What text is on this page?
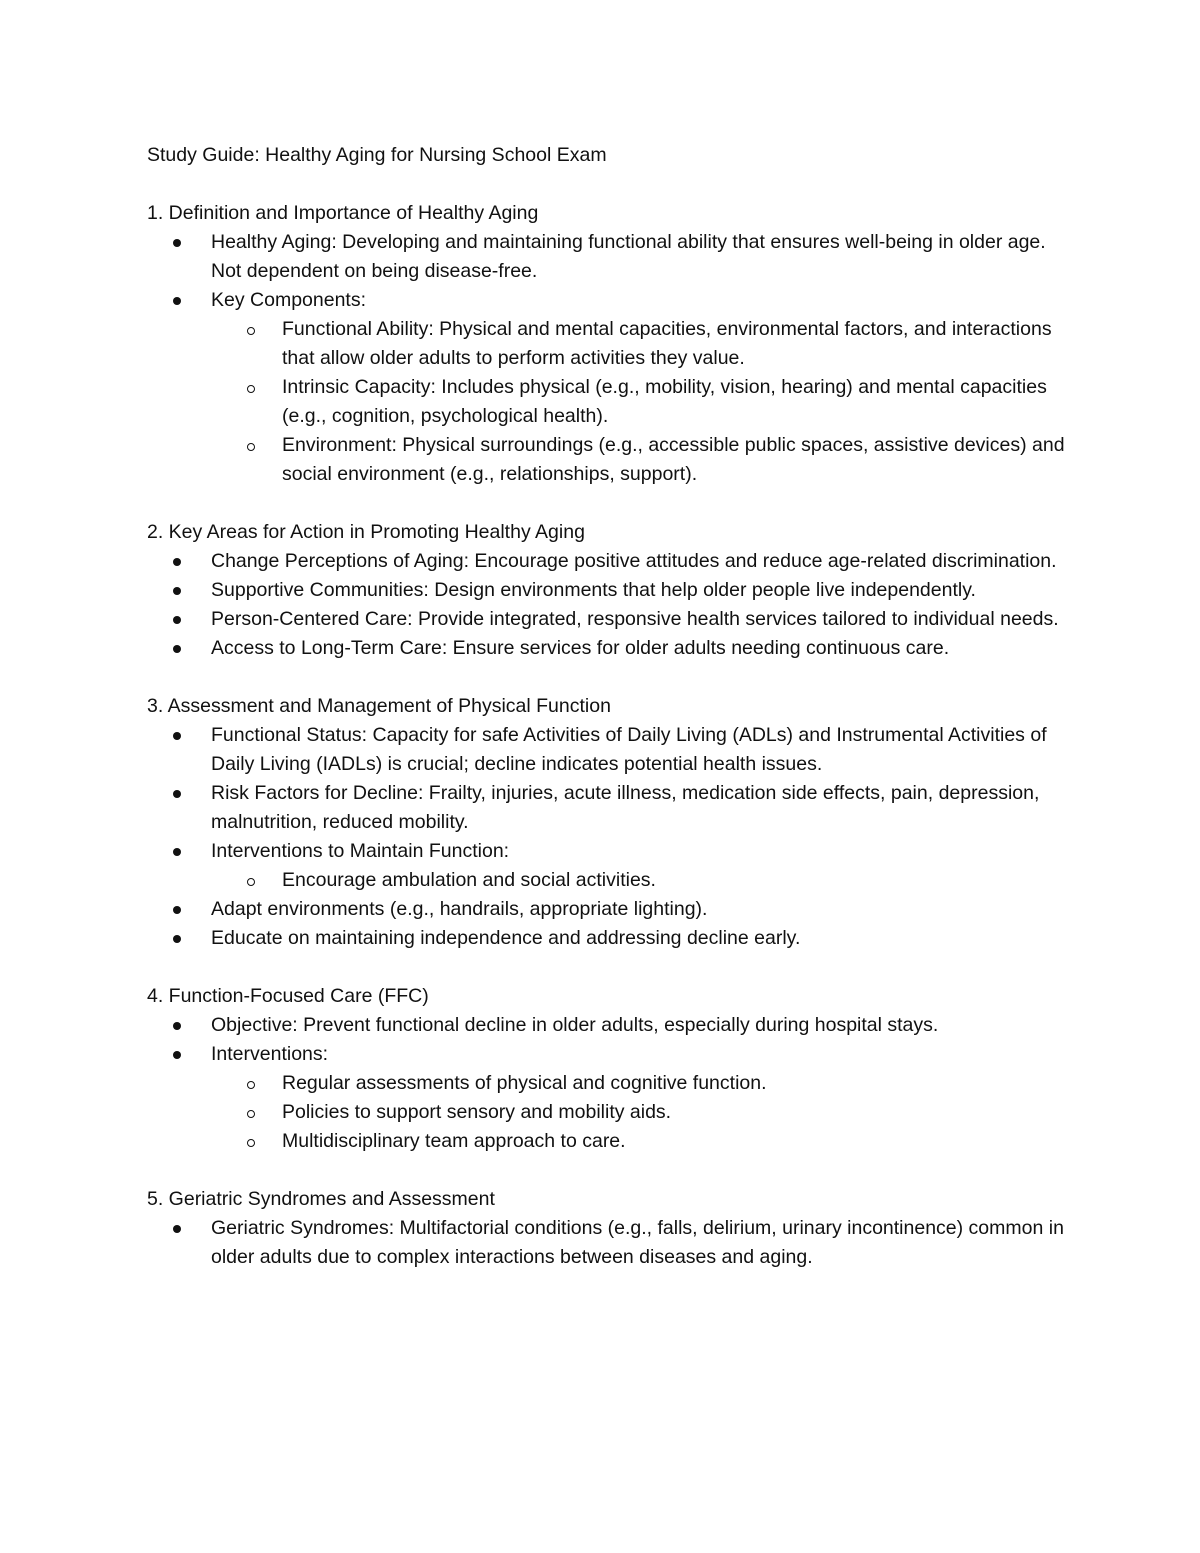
Study Guide: Healthy Aging for Nursing School Exam

1. Definition and Importance of Healthy Aging

Healthy Aging: Developing and maintaining functional ability that ensures well-being in older age. Not dependent on being disease-free.
Key Components:
Functional Ability: Physical and mental capacities, environmental factors, and interactions that allow older adults to perform activities they value.
Intrinsic Capacity: Includes physical (e.g., mobility, vision, hearing) and mental capacities (e.g., cognition, psychological health).
Environment: Physical surroundings (e.g., accessible public spaces, assistive devices) and social environment (e.g., relationships, support).

2. Key Areas for Action in Promoting Healthy Aging

Change Perceptions of Aging: Encourage positive attitudes and reduce age-related discrimination.
Supportive Communities: Design environments that help older people live independently.
Person-Centered Care: Provide integrated, responsive health services tailored to individual needs.
Access to Long-Term Care: Ensure services for older adults needing continuous care.

3. Assessment and Management of Physical Function

Functional Status: Capacity for safe Activities of Daily Living (ADLs) and Instrumental Activities of Daily Living (IADLs) is crucial; decline indicates potential health issues.
Risk Factors for Decline: Frailty, injuries, acute illness, medication side effects, pain, depression, malnutrition, reduced mobility.
Interventions to Maintain Function:
Encourage ambulation and social activities.
Adapt environments (e.g., handrails, appropriate lighting).
Educate on maintaining independence and addressing decline early.

4. Function-Focused Care (FFC)

Objective: Prevent functional decline in older adults, especially during hospital stays.
Interventions:
Regular assessments of physical and cognitive function.
Policies to support sensory and mobility aids.
Multidisciplinary team approach to care.

5. Geriatric Syndromes and Assessment

Geriatric Syndromes: Multifactorial conditions (e.g., falls, delirium, urinary incontinence) common in older adults due to complex interactions between diseases and aging.
